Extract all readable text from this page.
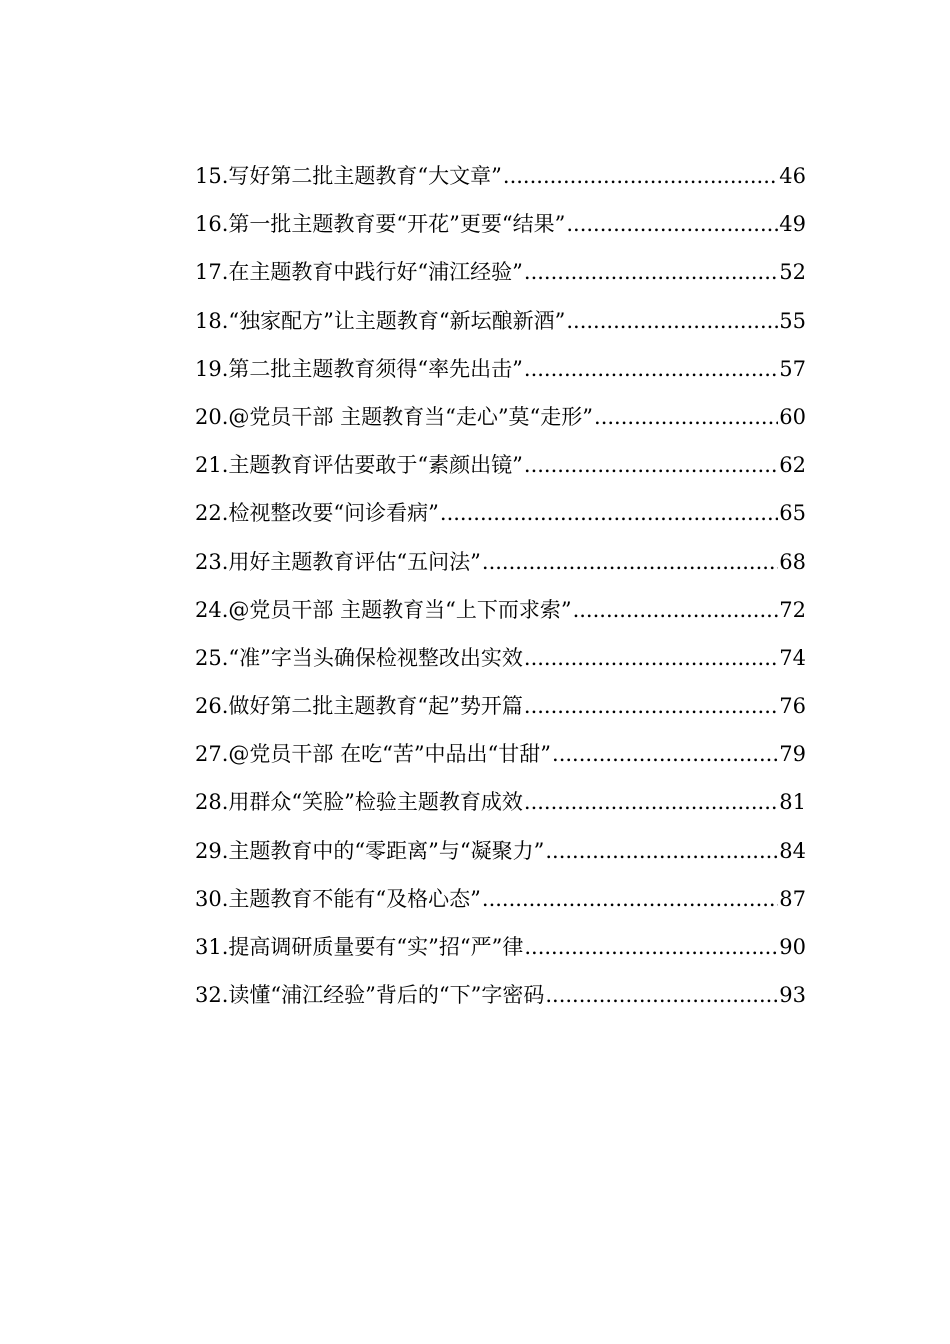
15. 写好第二批主题教育“大文章” .....	46
16. 第一批主题教育要“开花”更要“结果” .....	49
17. 在主题教育中践行好“浦江经验” .....	52
18. “独家配方”让主题教育“新坛酿新酒” .....	55
19. 第二批主题教育须得“率先出击” .....	57
20. @党员干部 主题教育当“走心”莫“走形” .....	60
21. 主题教育评估要敢于“素颜出镜” .....	62
22. 检视整改要“问诊看病” .....	65
23. 用好主题教育评估“五问法” .....	68
24. @党员干部 主题教育当“上下而求索” .....	72
25. “准”字当头确保检视整改出实效 .....	74
26. 做好第二批主题教育“起”势开篇 .....	76
27. @党员干部 在吃“苦”中品出“甘甜” .....	79
28. 用群众“笑脸”检验主题教育成效 .....	81
29. 主题教育中的“零距离”与“凝聚力” .....	84
30. 主题教育不能有“及格心态” .....	87
31. 提高调研质量要有“实”招“严”律 .....	90
32. 读懂“浦江经验”背后的“下”字密码 .....	93
